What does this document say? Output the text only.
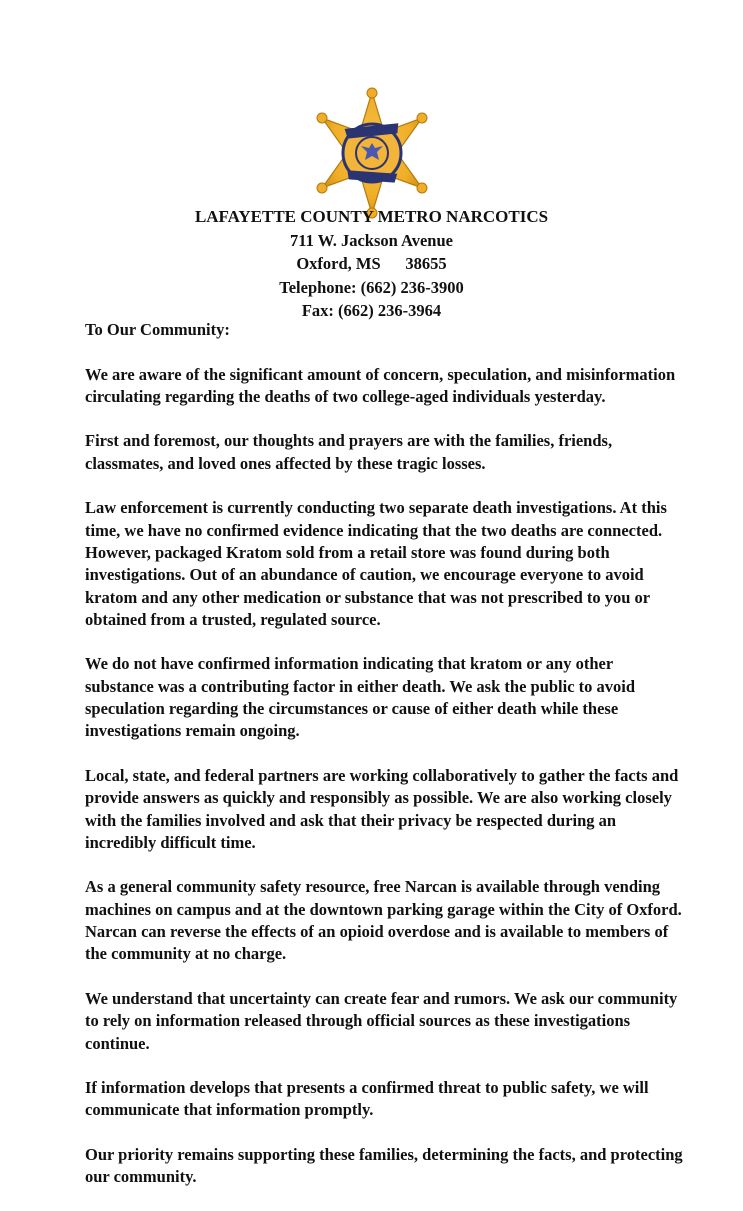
LAFAYETTE COUNTY METRO NARCOTICS
711 W. Jackson Avenue
Oxford, MS      38655
Telephone: (662) 236-3900
Fax: (662) 236-3964

To Our Community:

We are aware of the significant amount of concern, speculation, and misinformation circulating regarding the deaths of two college-aged individuals yesterday.

First and foremost, our thoughts and prayers are with the families, friends, classmates, and loved ones affected by these tragic losses.

Law enforcement is currently conducting two separate death investigations. At this time, we have no confirmed evidence indicating that the two deaths are connected. However, packaged Kratom sold from a retail store was found during both investigations. Out of an abundance of caution, we encourage everyone to avoid kratom and any other medication or substance that was not prescribed to you or obtained from a trusted, regulated source.

We do not have confirmed information indicating that kratom or any other substance was a contributing factor in either death. We ask the public to avoid speculation regarding the circumstances or cause of either death while these investigations remain ongoing.

Local, state, and federal partners are working collaboratively to gather the facts and provide answers as quickly and responsibly as possible. We are also working closely with the families involved and ask that their privacy be respected during an incredibly difficult time.

As a general community safety resource, free Narcan is available through vending machines on campus and at the downtown parking garage within the City of Oxford. Narcan can reverse the effects of an opioid overdose and is available to members of the community at no charge.

We understand that uncertainty can create fear and rumors. We ask our community to rely on information released through official sources as these investigations continue.

If information develops that presents a confirmed threat to public safety, we will communicate that information promptly.

Our priority remains supporting these families, determining the facts, and protecting our community.
